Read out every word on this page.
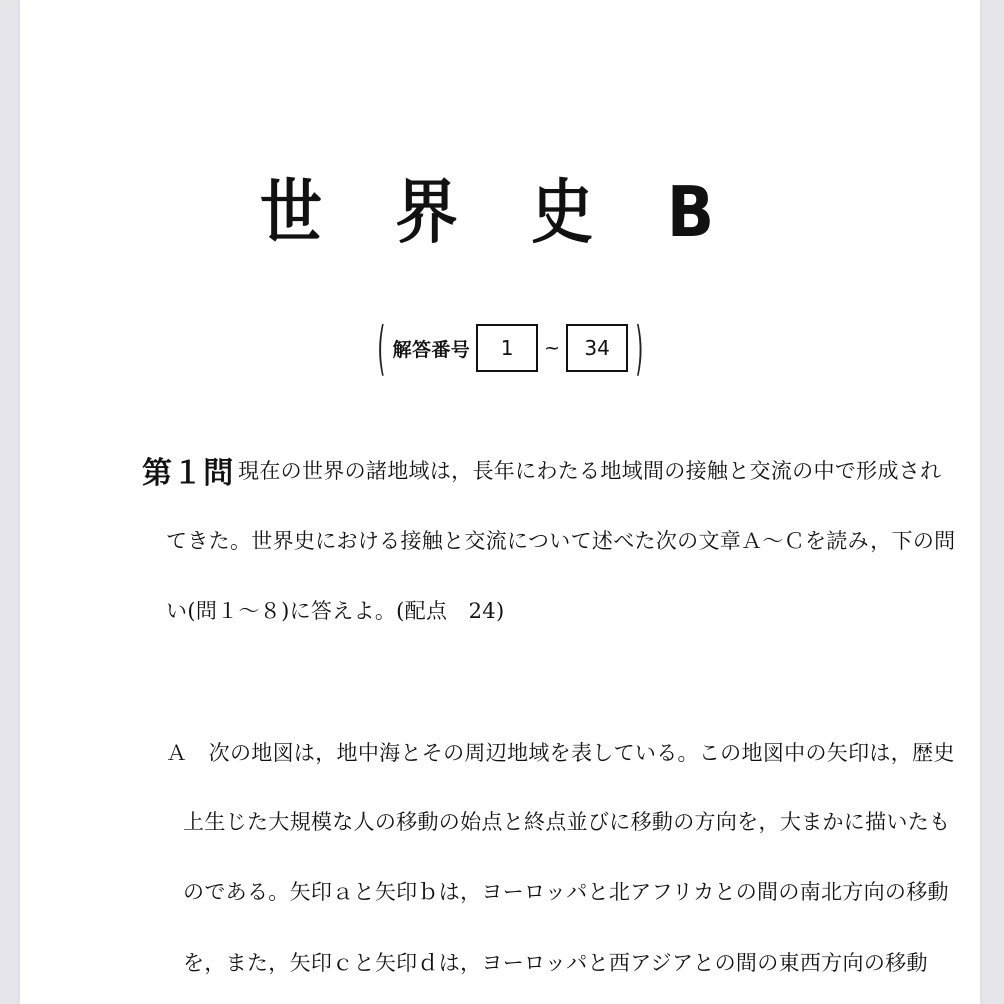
世 界 史 B
( 解答番号	1	~	34 )
第１問 現在の世界の諸地域は，長年にわたる地域間の接触と交流の中で形成され
てきた。世界史における接触と交流について述べた次の文章Ａ～Ｃを読み，下の問
い(問１～８)に答えよ。(配点　24)
Ａ　次の地図は，地中海とその周辺地域を表している。この地図中の矢印は，歴史
上生じた大規模な人の移動の始点と終点並びに移動の方向を，大まかに描いたも
のである。矢印ａと矢印ｂは，ヨーロッパと北アフリカとの間の南北方向の移動
を，また，矢印ｃと矢印ｄは，ヨーロッパと西アジアとの間の東西方向の移動
